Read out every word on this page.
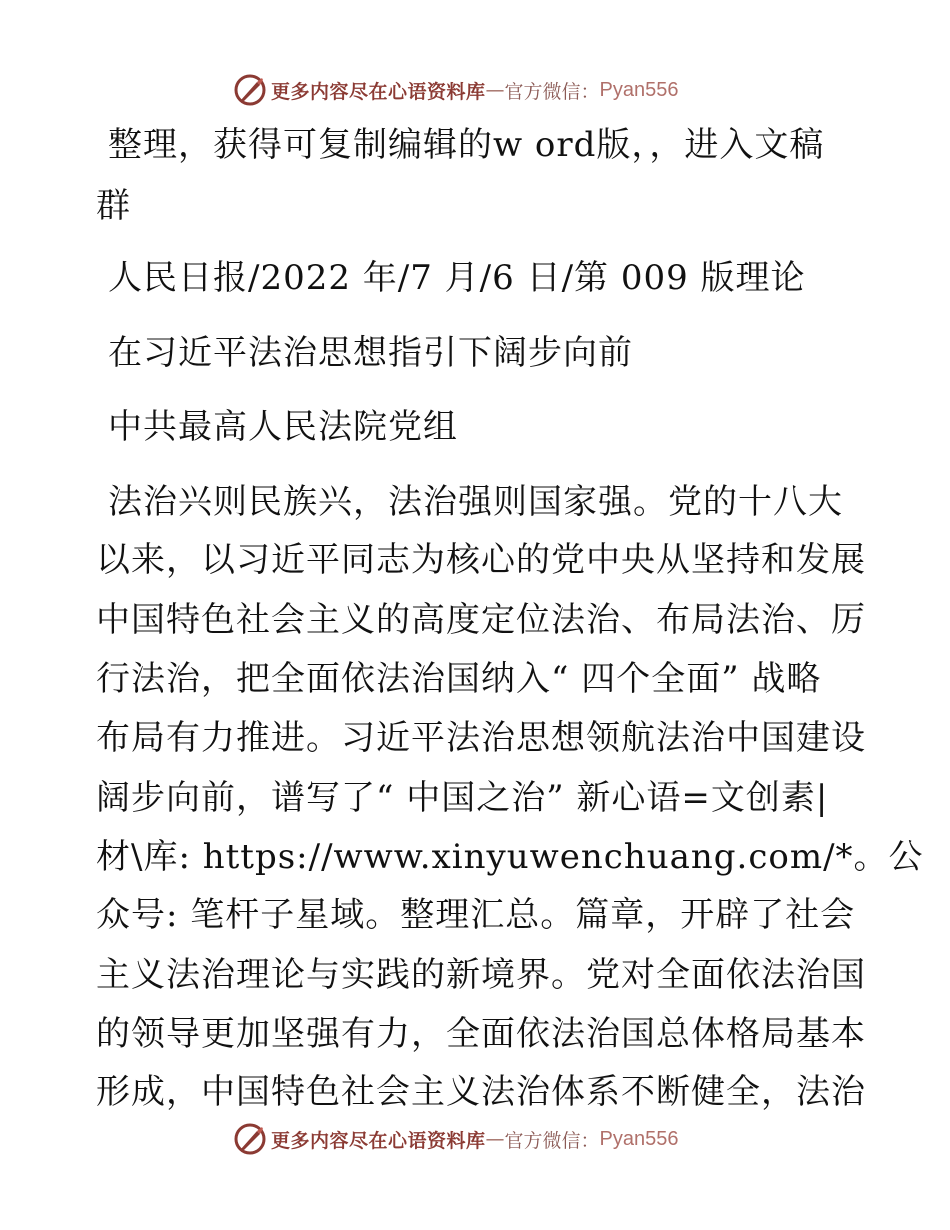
更多内容尽在心语资料库 — 官方微信： Pyan556
整理，获得可复制编辑的w ord版，，进入文稿
群
人民日报/2022 年/7 月/6 日/第 009 版理论
在习近平法治思想指引下阔步向前
中共最高人民法院党组
法治兴则民族兴，法治强则国家强。党的十八大
以来，以习近平同志为核心的党中央从坚持和发展
中国特色社会主义的高度定位法治、布局法治、厉
行法治，把全面依法治国纳入“ 四个全面” 战略
布局有力推进。习近平法治思想领航法治中国建设
阔步向前，谱写了“ 中国之治” 新心语=文创素|
材\库: https://www.xinyuwenchuang.com/*。公
众号: 笔杆子星域。整理汇总。篇章，开辟了社会
主义法治理论与实践的新境界。党对全面依法治国
的领导更加坚强有力，全面依法治国总体格局基本
形成，中国特色社会主义法治体系不断健全，法治
更多内容尽在心语资料库 — 官方微信： Pyan556
